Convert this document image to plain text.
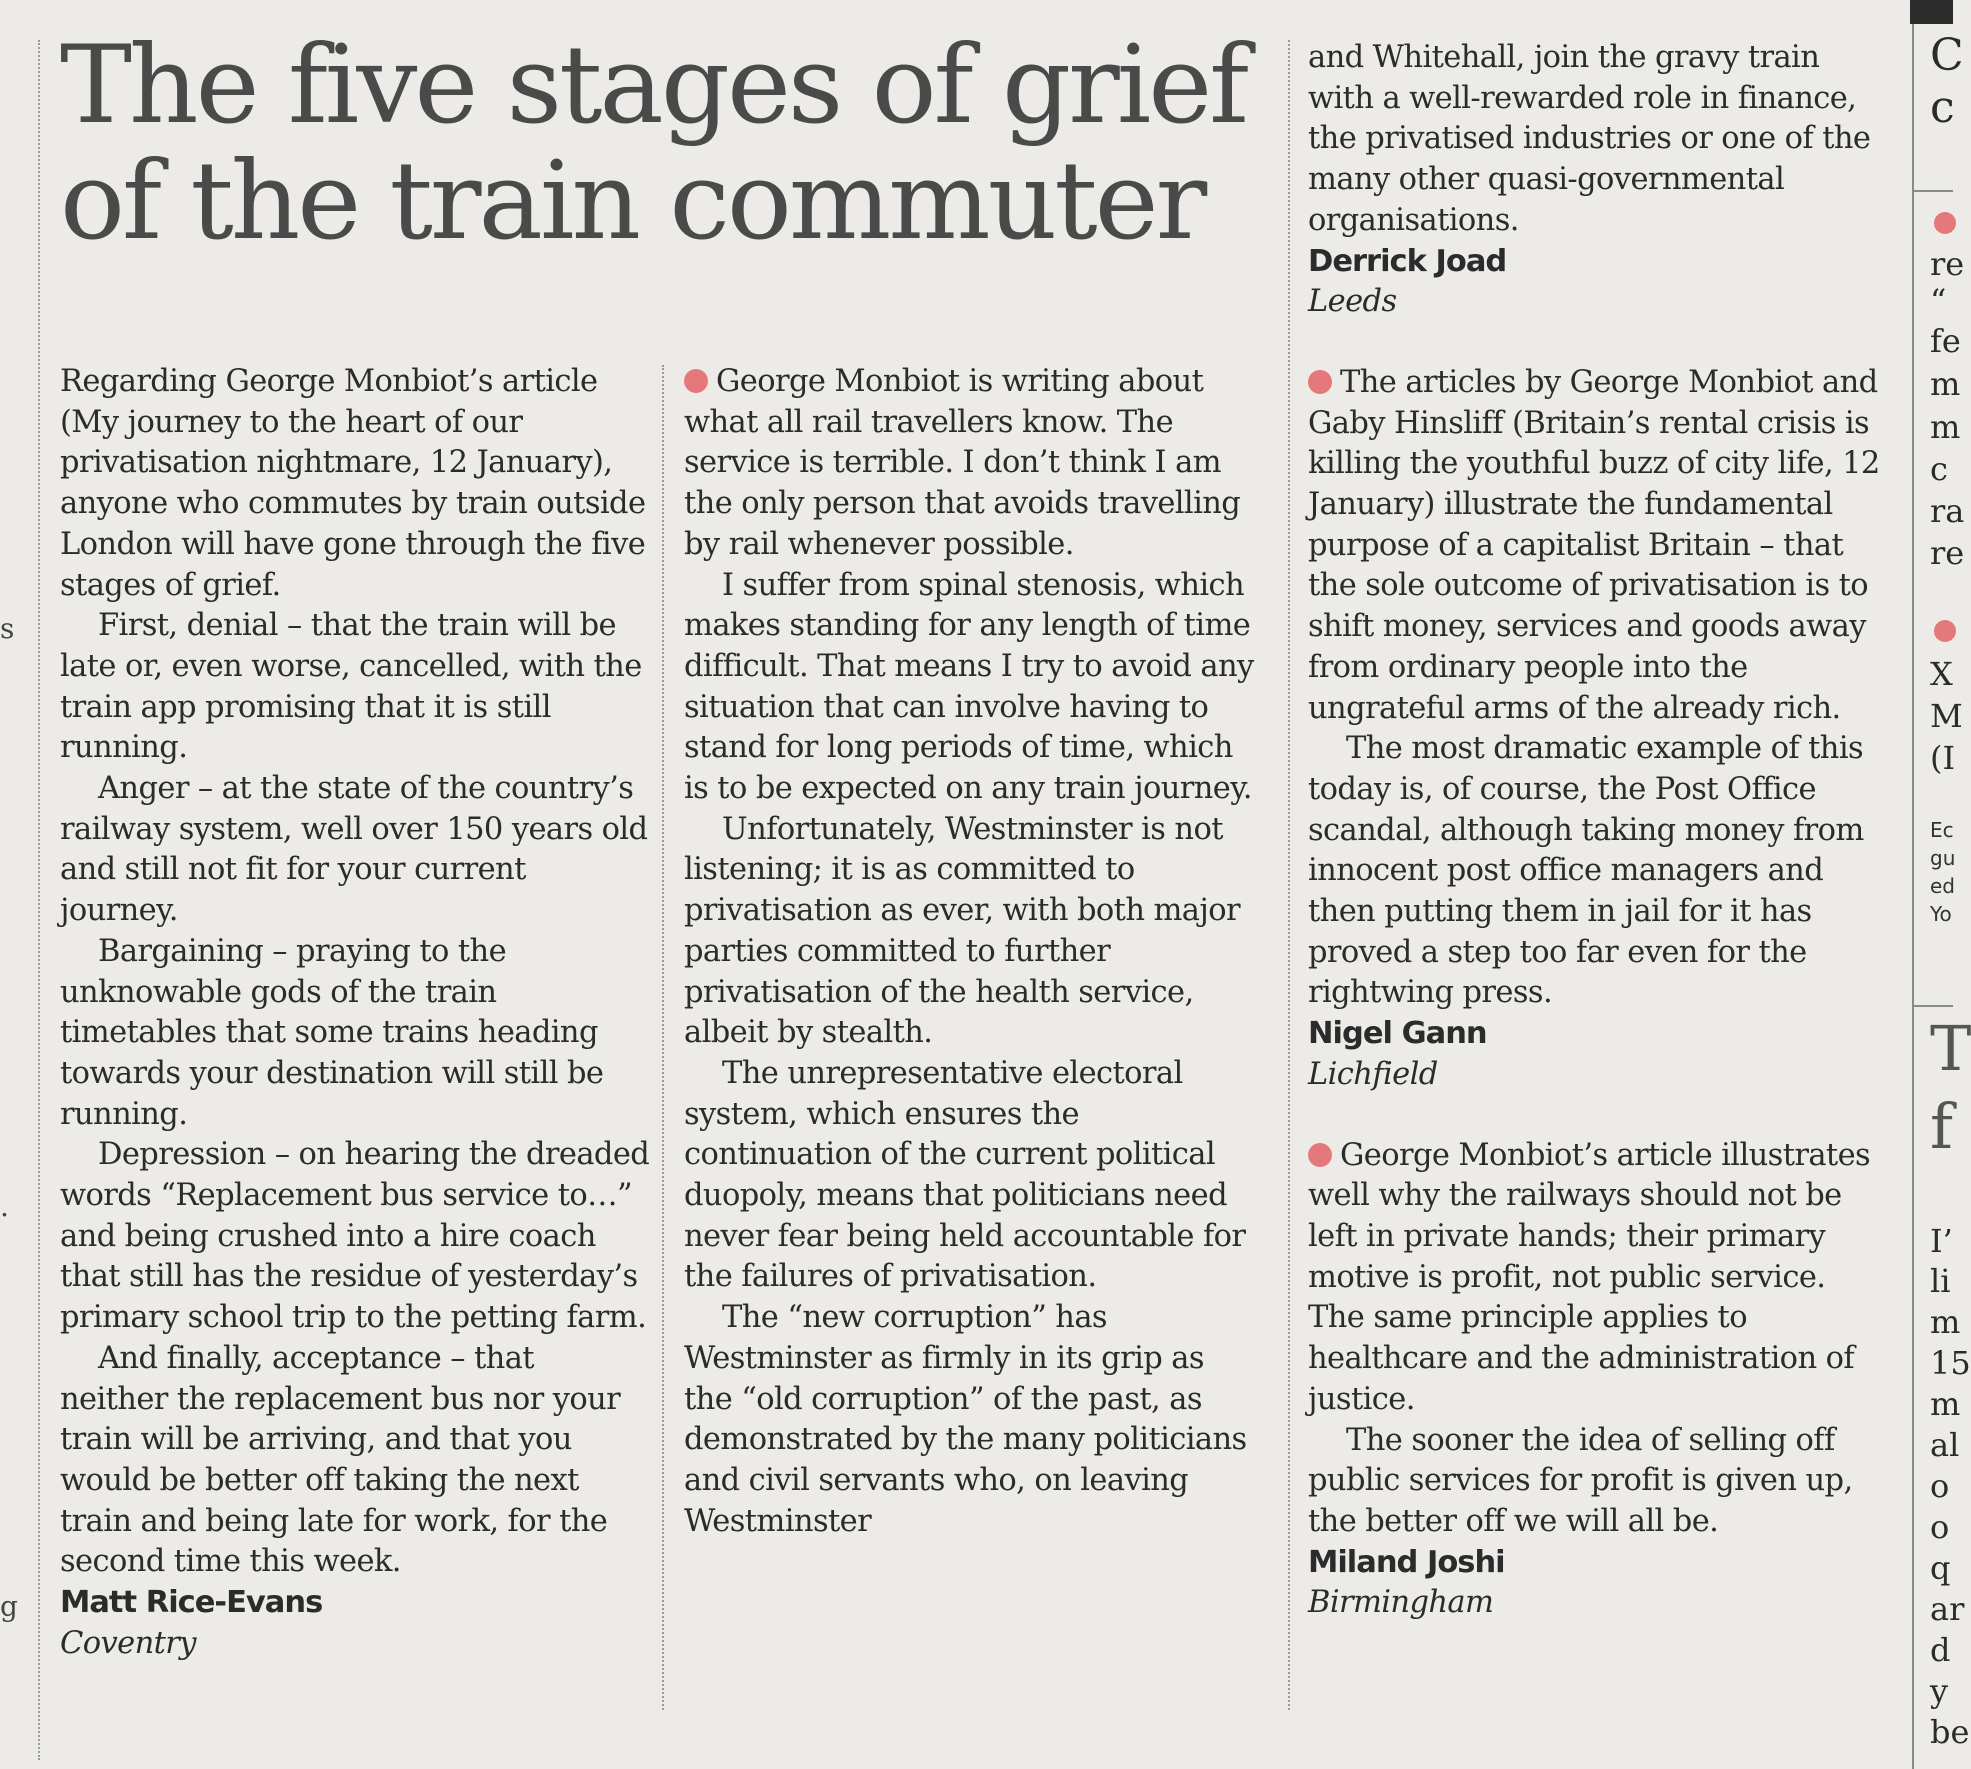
The five stages of grief
of the train commuter

Regarding George Monbiot’s article (My journey to the heart of our privatisation nightmare, 12 January), anyone who commutes by train outside London will have gone through the five stages of grief.

First, denial – that the train will be late or, even worse, cancelled, with the train app promising that it is still running.

Anger – at the state of the country’s railway system, well over 150 years old and still not fit for your current journey.

Bargaining – praying to the unknowable gods of the train timetables that some trains heading towards your destination will still be running.

Depression – on hearing the dreaded words “Replacement bus service to…” and being crushed into a hire coach that still has the residue of yesterday’s primary school trip to the petting farm.

And finally, acceptance – that neither the replacement bus nor your train will be arriving, and that you would be better off taking the next train and being late for work, for the second time this week.

Matt Rice-Evans

Coventry

George Monbiot is writing about what all rail travellers know. The service is terrible. I don’t think I am the only person that avoids travelling by rail whenever possible.

I suffer from spinal stenosis, which makes standing for any length of time difficult. That means I try to avoid any situation that can involve having to stand for long periods of time, which is to be expected on any train journey.

Unfortunately, Westminster is not listening; it is as committed to privatisation as ever, with both major parties committed to further privatisation of the health service, albeit by stealth.

The unrepresentative electoral system, which ensures the continuation of the current political duopoly, means that politicians need never fear being held accountable for the failures of privatisation.

The “new corruption” has Westminster as firmly in its grip as the “old corruption” of the past, as demonstrated by the many politicians and civil servants who, on leaving Westminster

and Whitehall, join the gravy train with a well-rewarded role in finance, the privatised industries or one of the many other quasi-governmental organisations.

Derrick Joad

Leeds

The articles by George Monbiot and Gaby Hinsliff (Britain’s rental crisis is killing the youthful buzz of city life, 12 January) illustrate the fundamental purpose of a capitalist Britain – that the sole outcome of privatisation is to shift money, services and goods away from ordinary people into the ungrateful arms of the already rich.

The most dramatic example of this today is, of course, the Post Office scandal, although taking money from innocent post office managers and then putting them in jail for it has proved a step too far even for the rightwing press.

Nigel Gann

Lichfield

George Monbiot’s article illustrates well why the railways should not be left in private hands; their primary motive is profit, not public service. The same principle applies to healthcare and the administration of justice.

The sooner the idea of selling off public services for profit is given up, the better off we will all be.

Miland Joshi

Birmingham

C
c
re
“
fe
m
m
c
ra
re
X
M
(I
Ec
gu
ed
Yo
T
f
I’
li
m
15
m
al
o
o
q
ar
d
y
be
s
.
g
